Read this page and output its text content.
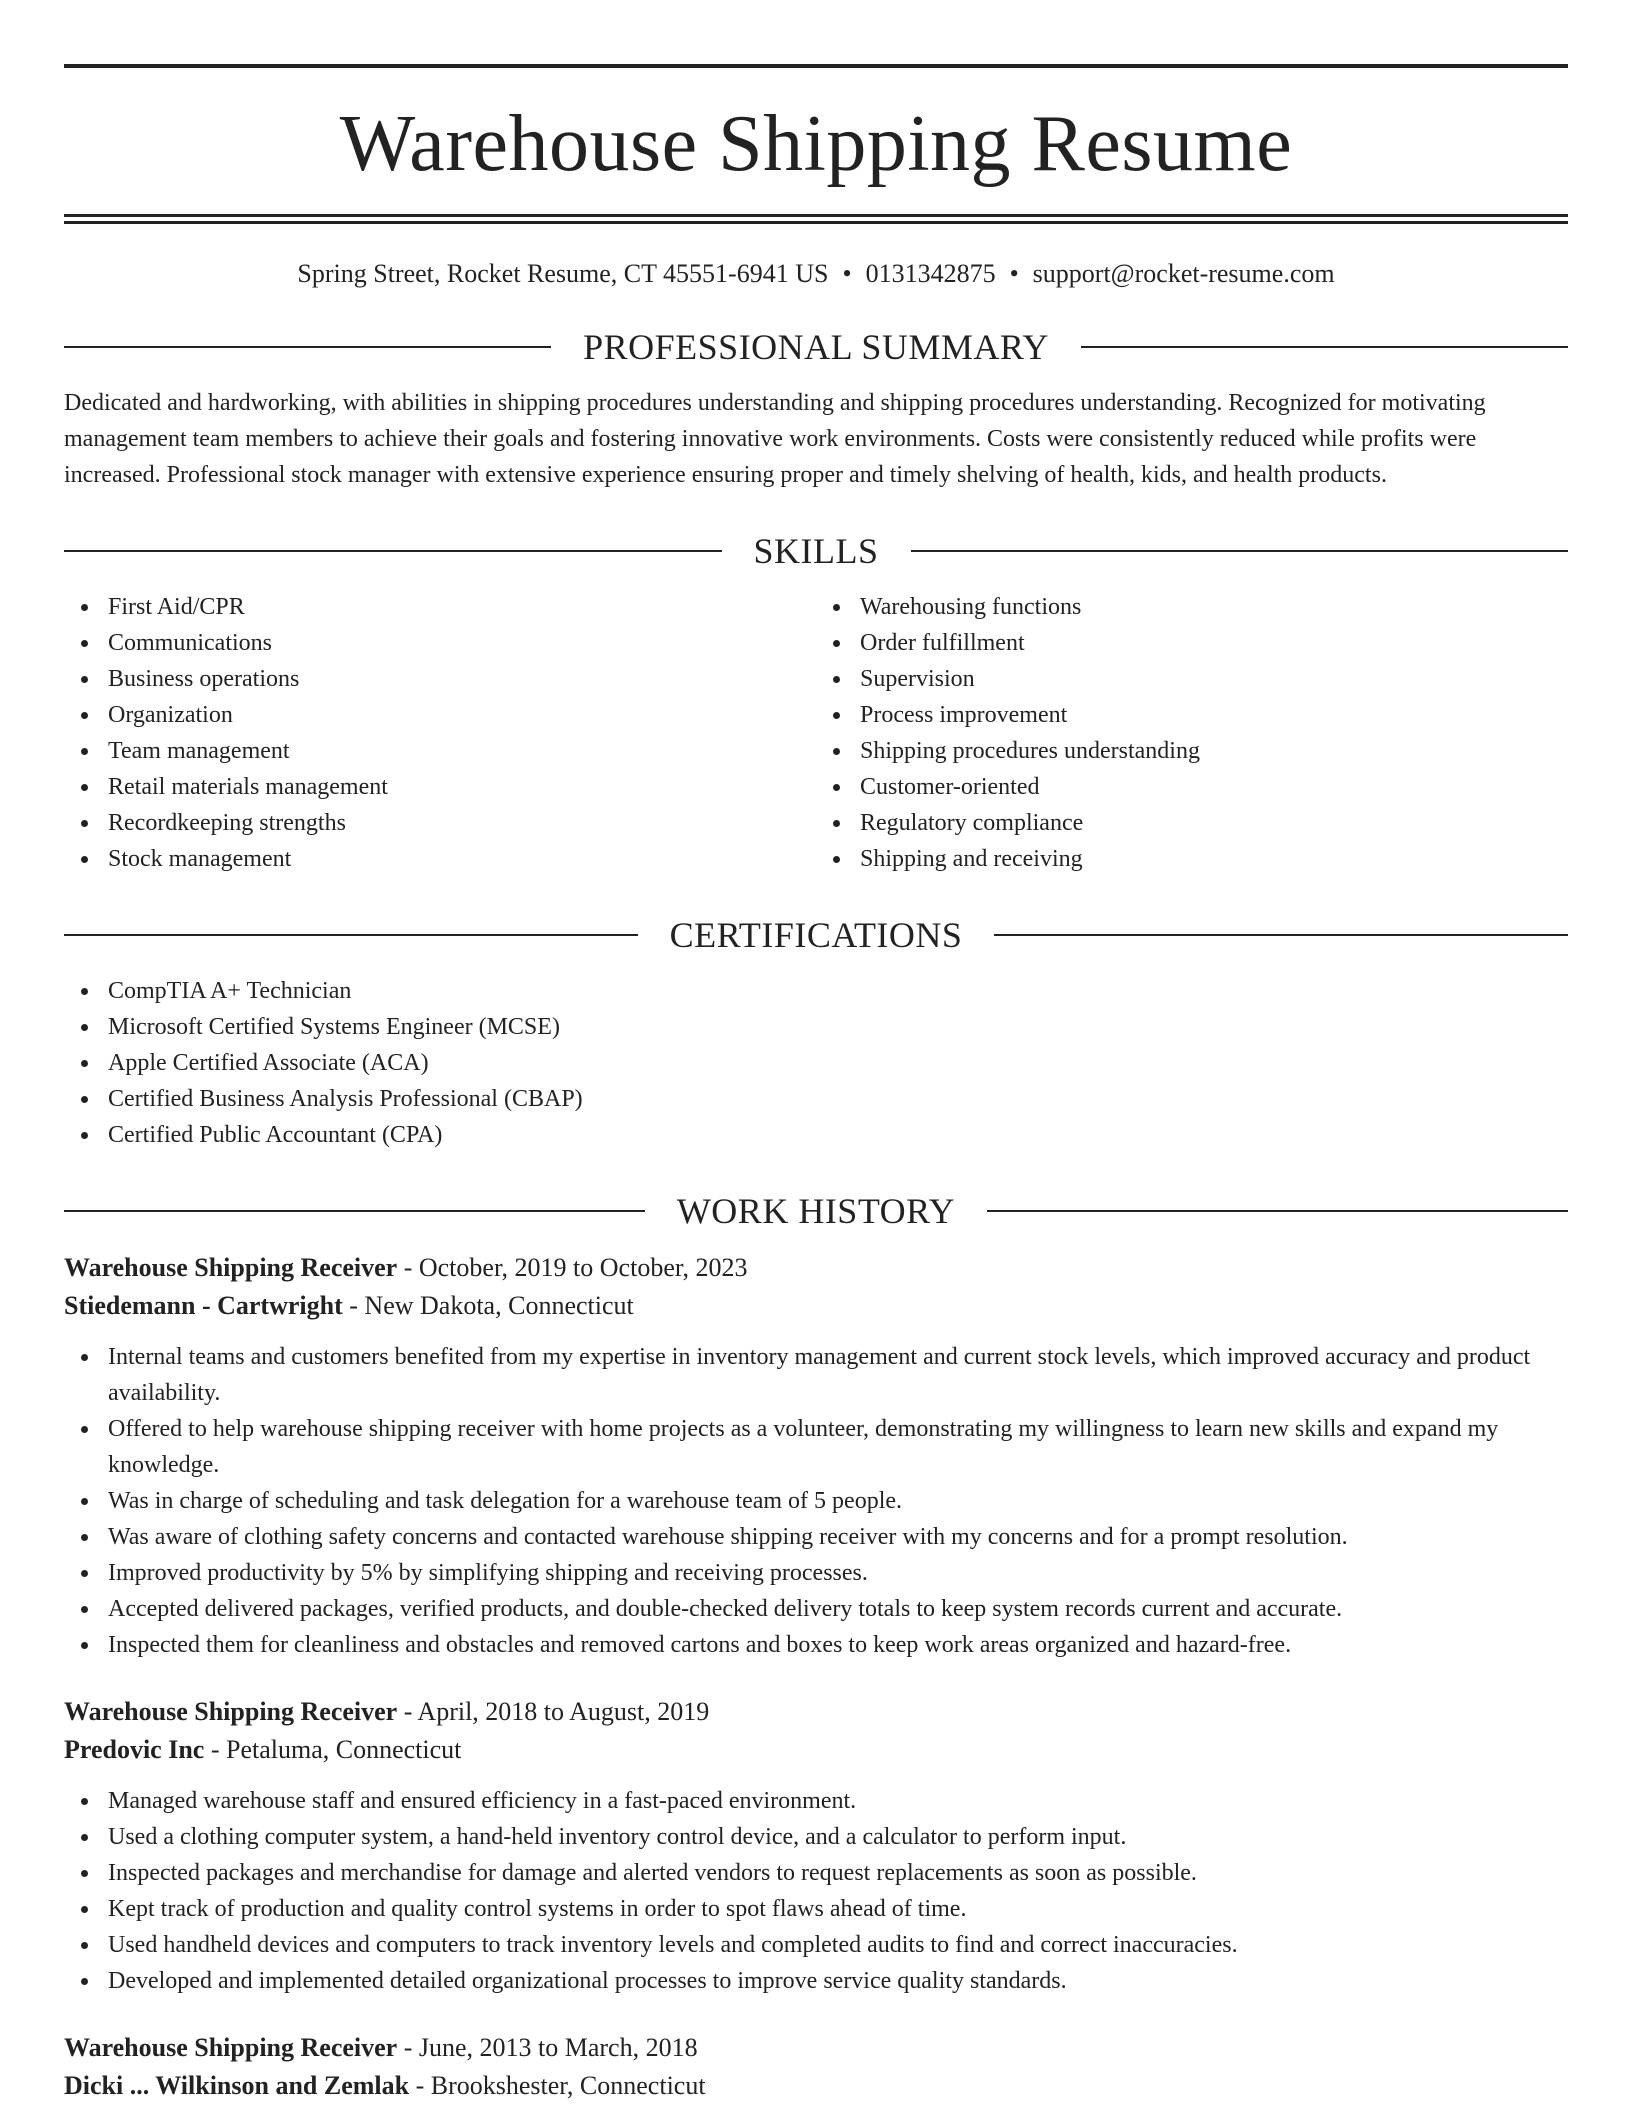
Warehouse Shipping Resume
Spring Street, Rocket Resume, CT 45551-6941 US • 0131342875 • support@rocket-resume.com
PROFESSIONAL SUMMARY

Dedicated and hardworking, with abilities in shipping procedures understanding and shipping procedures understanding. Recognized for motivating management team members to achieve their goals and fostering innovative work environments. Costs were consistently reduced while profits were increased. Professional stock manager with extensive experience ensuring proper and timely shelving of health, kids, and health products.

SKILLS
First Aid/CPR
Communications
Business operations
Organization
Team management
Retail materials management
Recordkeeping strengths
Stock management
Warehousing functions
Order fulfillment
Supervision
Process improvement
Shipping procedures understanding
Customer-oriented
Regulatory compliance
Shipping and receiving
CERTIFICATIONS
CompTIA A+ Technician
Microsoft Certified Systems Engineer (MCSE)
Apple Certified Associate (ACA)
Certified Business Analysis Professional (CBAP)
Certified Public Accountant (CPA)
WORK HISTORY
Warehouse Shipping Receiver - October, 2019 to October, 2023
Stiedemann - Cartwright - New Dakota, Connecticut
Internal teams and customers benefited from my expertise in inventory management and current stock levels, which improved accuracy and product availability.
Offered to help warehouse shipping receiver with home projects as a volunteer, demonstrating my willingness to learn new skills and expand my knowledge.
Was in charge of scheduling and task delegation for a warehouse team of 5 people.
Was aware of clothing safety concerns and contacted warehouse shipping receiver with my concerns and for a prompt resolution.
Improved productivity by 5% by simplifying shipping and receiving processes.
Accepted delivered packages, verified products, and double-checked delivery totals to keep system records current and accurate.
Inspected them for cleanliness and obstacles and removed cartons and boxes to keep work areas organized and hazard-free.
Warehouse Shipping Receiver - April, 2018 to August, 2019
Predovic Inc - Petaluma, Connecticut
Managed warehouse staff and ensured efficiency in a fast-paced environment.
Used a clothing computer system, a hand-held inventory control device, and a calculator to perform input.
Inspected packages and merchandise for damage and alerted vendors to request replacements as soon as possible.
Kept track of production and quality control systems in order to spot flaws ahead of time.
Used handheld devices and computers to track inventory levels and completed audits to find and correct inaccuracies.
Developed and implemented detailed organizational processes to improve service quality standards.
Warehouse Shipping Receiver - June, 2013 to March, 2018
Dicki ... Wilkinson and Zemlak - Brookshester, Connecticut
